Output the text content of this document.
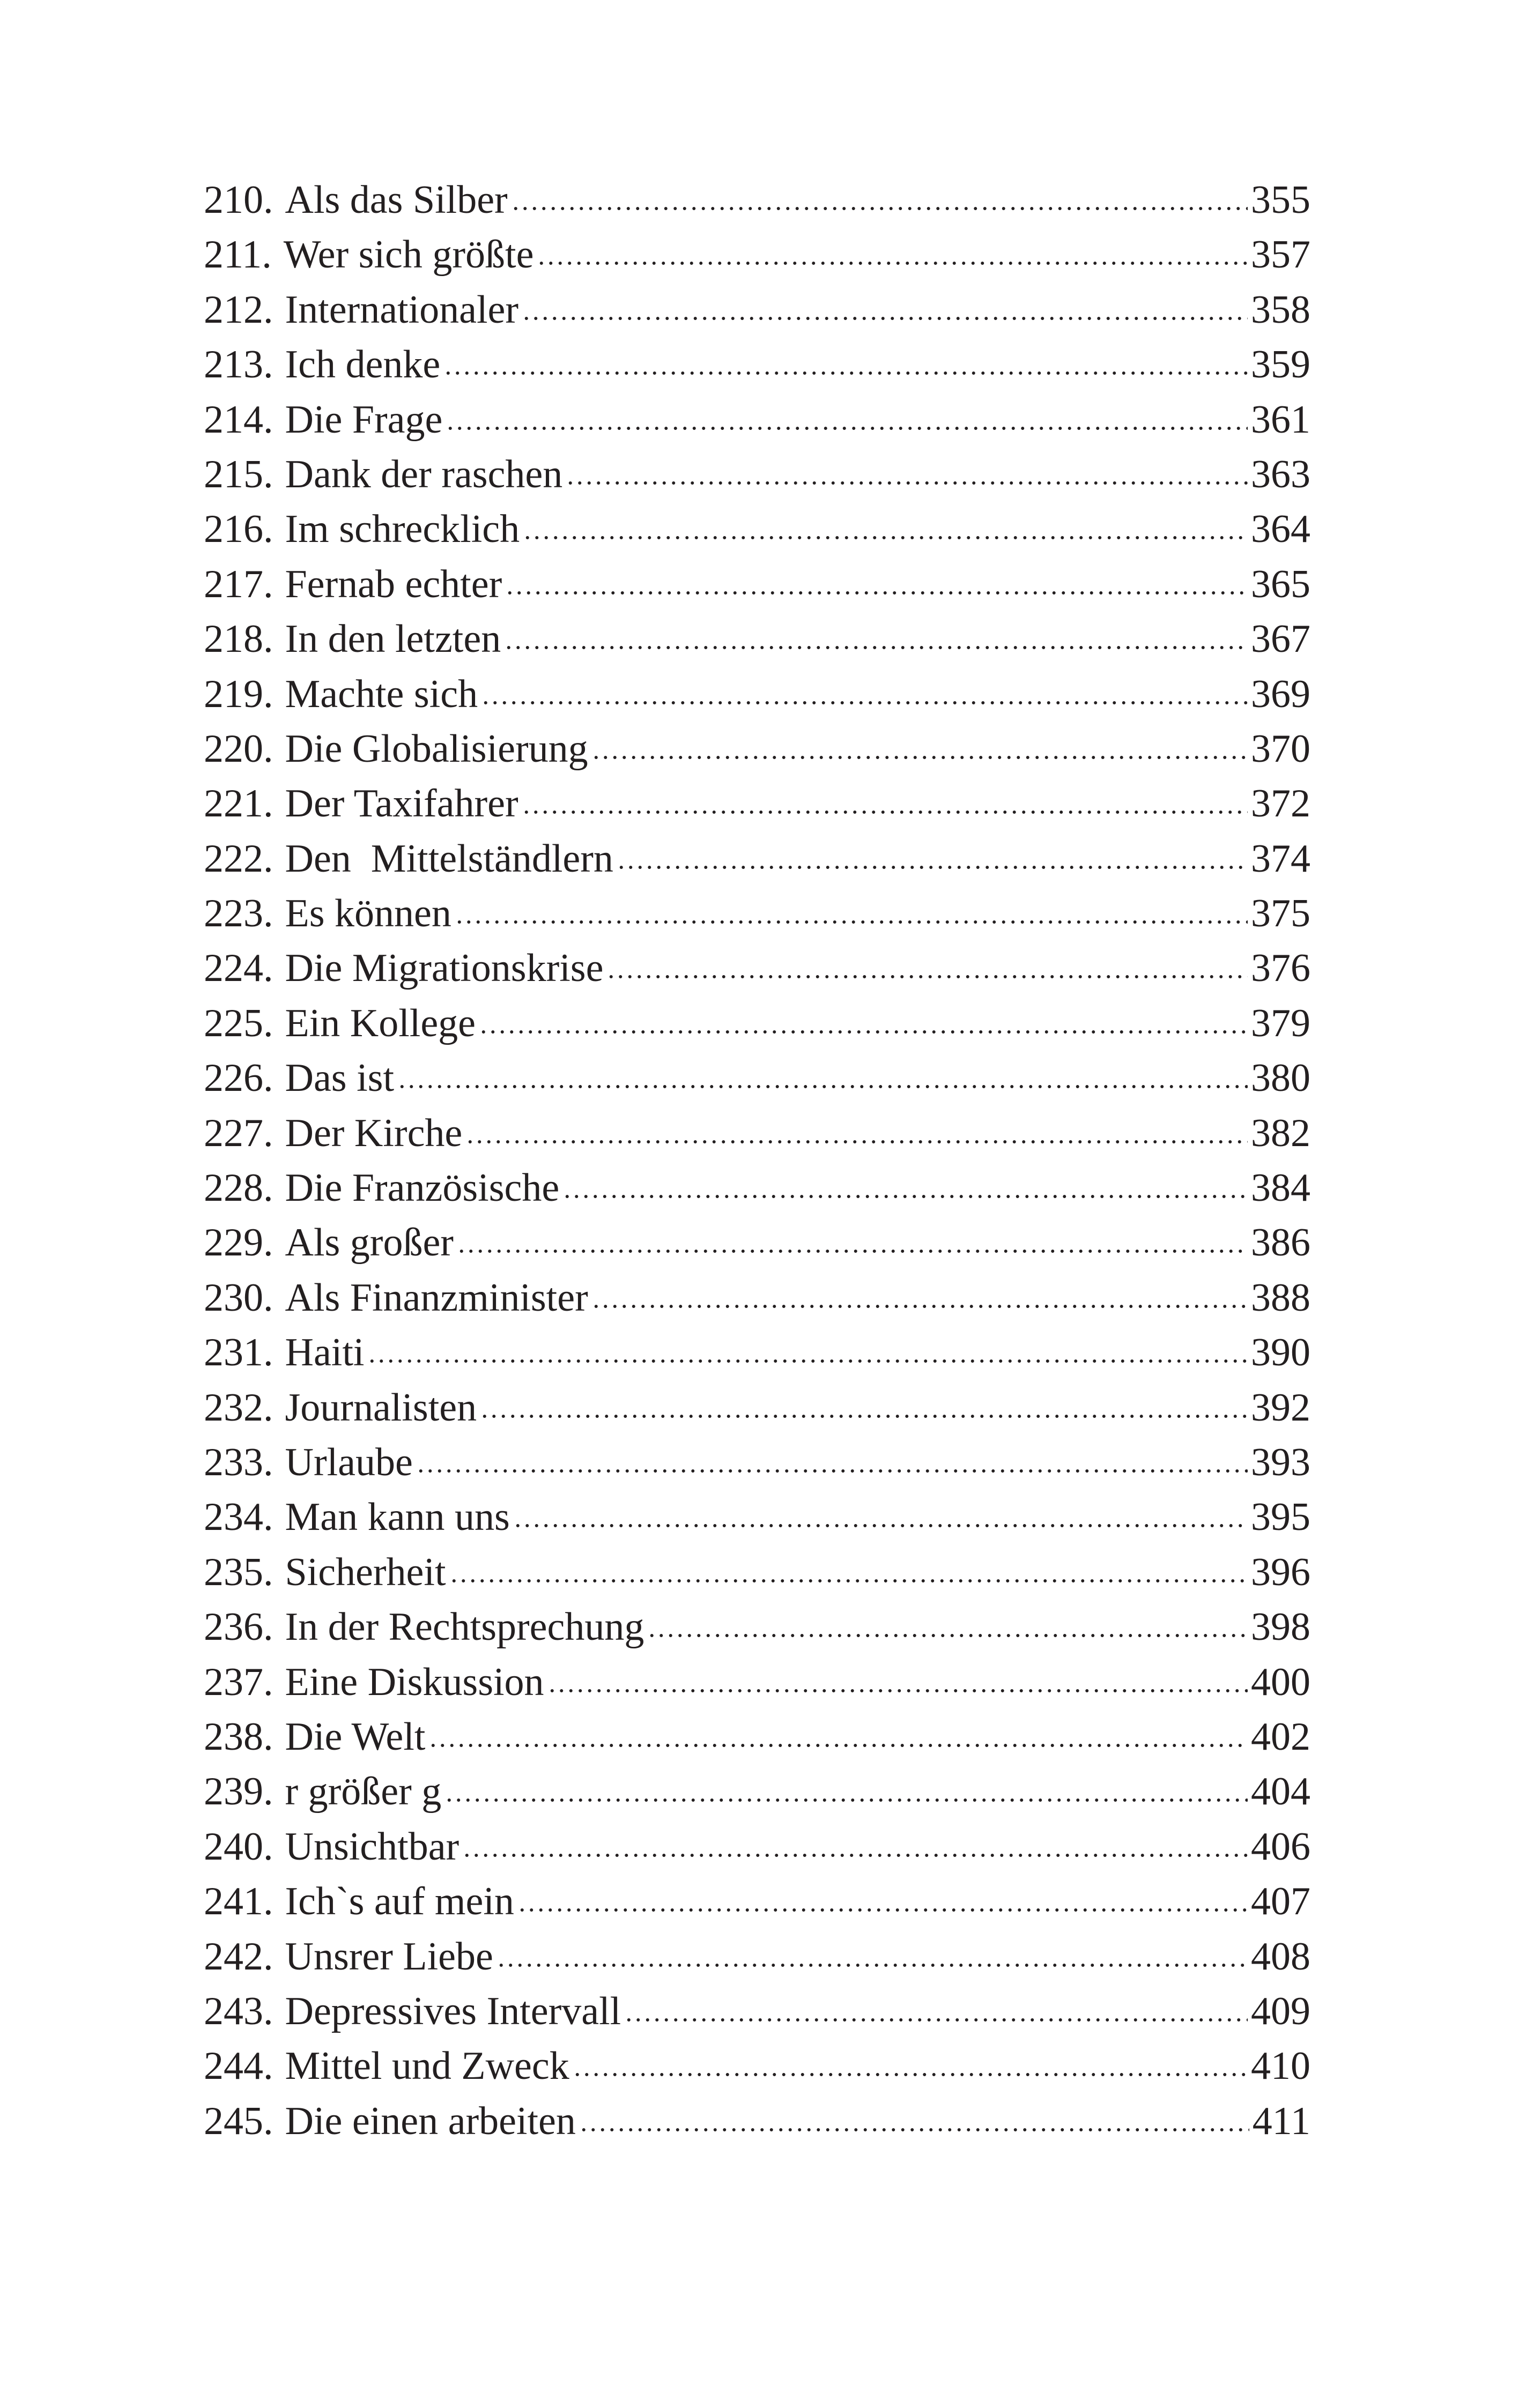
210. Als das Silber	355
211. Wer sich größte	357
212. Internationaler	358
213. Ich denke	359
214. Die Frage	361
215. Dank der raschen	363
216. Im schrecklich	364
217. Fernab echter	365
218. In den letzten	367
219. Machte sich	369
220. Die Globalisierung	370
221. Der Taxifahrer	372
222. Den  Mittelständlern	374
223. Es können	375
224. Die Migrationskrise	376
225. Ein Kollege	379
226. Das ist	380
227. Der Kirche	382
228. Die Französische	384
229. Als großer	386
230. Als Finanzminister	388
231. Haiti	390
232. Journalisten	392
233. Urlaube	393
234. Man kann uns	395
235. Sicherheit	396
236. In der Rechtsprechung	398
237. Eine Diskussion	400
238. Die Welt	402
239. r größer g	404
240. Unsichtbar	406
241. Ich`s auf mein	407
242. Unsrer Liebe	408
243. Depressives Intervall	409
244. Mittel und Zweck	410
245. Die einen arbeiten	411
